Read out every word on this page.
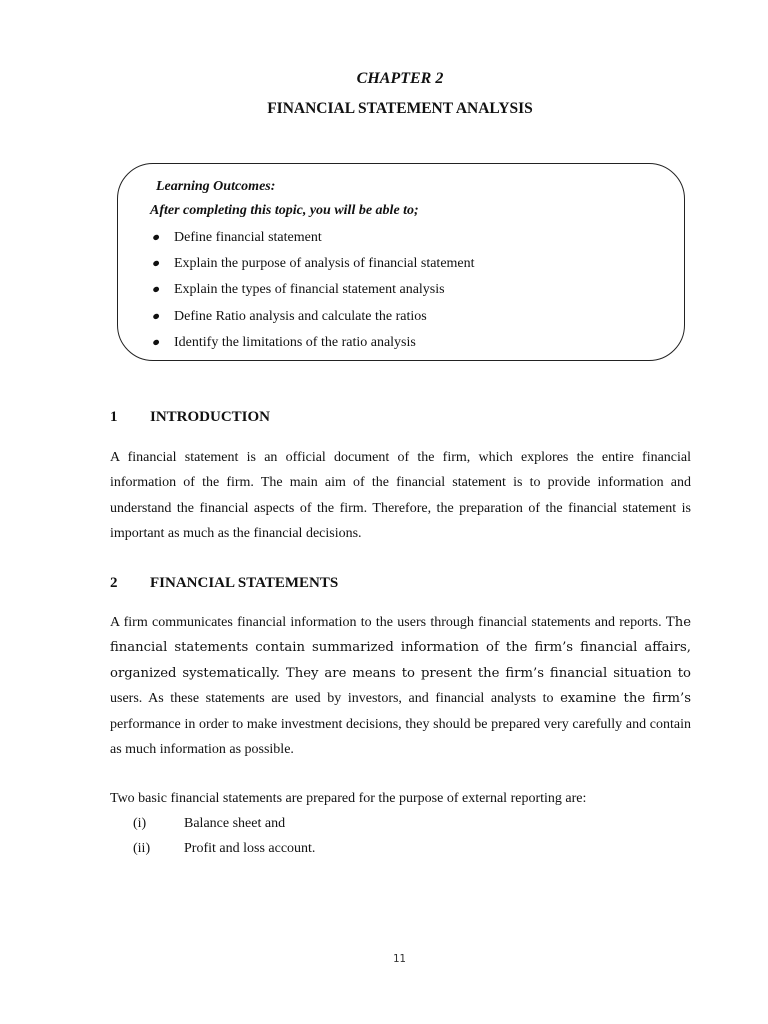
CHAPTER 2
FINANCIAL STATEMENT ANALYSIS
Learning Outcomes:
After completing this topic, you will be able to;
Define financial statement
Explain the purpose of analysis of financial statement
Explain the types of financial statement analysis
Define Ratio analysis and calculate the ratios
Identify the limitations of the ratio analysis
1 INTRODUCTION

A financial statement is an official document of the firm, which explores the entire financial information of the firm. The main aim of the financial statement is to provide information and understand the financial aspects of the firm. Therefore, the preparation of the financial statement is important as much as the financial decisions.

2 FINANCIAL STATEMENTS

A firm communicates financial information to the users through financial statements and reports. The financial statements contain summarized information of the firm’s financial affairs, organized systematically. They are means to present the firm’s financial situation to users. As these statements are used by investors, and financial analysts to examine the firm’s performance in order to make investment decisions, they should be prepared very carefully and contain as much information as possible.

Two basic financial statements are prepared for the purpose of external reporting are:
(i)	Balance sheet and
(ii) Profit and loss account.
11
